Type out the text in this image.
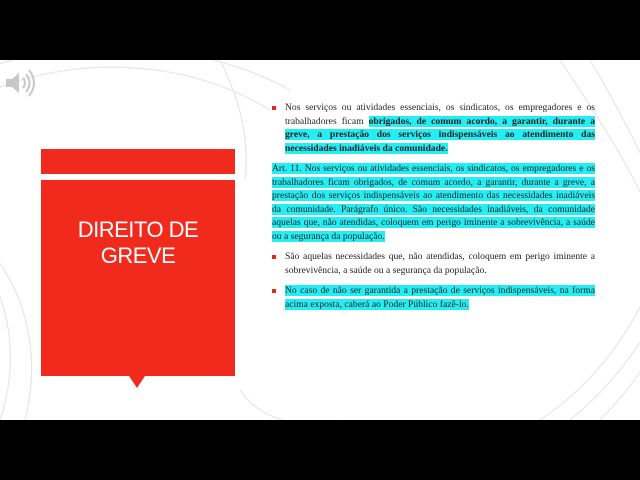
DIREITO DE
GREVE
Nos serviços ou atividades essenciais, os sindicatos, os empregadores e os trabalhadores ficam obrigados, de comum acordo, a garantir, durante a greve, a prestação dos serviços indispensáveis ao atendimento das necessidades inadiáveis da comunidade.
Art. 11. Nos serviços ou atividades essenciais, os sindicatos, os empregadores e os trabalhadores ficam obrigados, de comum acordo, a garantir, durante a greve, a prestação dos serviços indispensáveis ao atendimento das necessidades inadiáveis da comunidade. Parágrafo único. São necessidades inadiáveis, da comunidade aquelas que, não atendidas, coloquem em perigo iminente a sobrevivência, a saúde ou a segurança da população.
São aquelas necessidades que, não atendidas, coloquem em perigo iminente a sobrevivência, a saúde ou a segurança da população.
No caso de não ser garantida a prestação de serviços indispensáveis, na forma acima exposta, caberá ao Poder Público fazê-lo.
